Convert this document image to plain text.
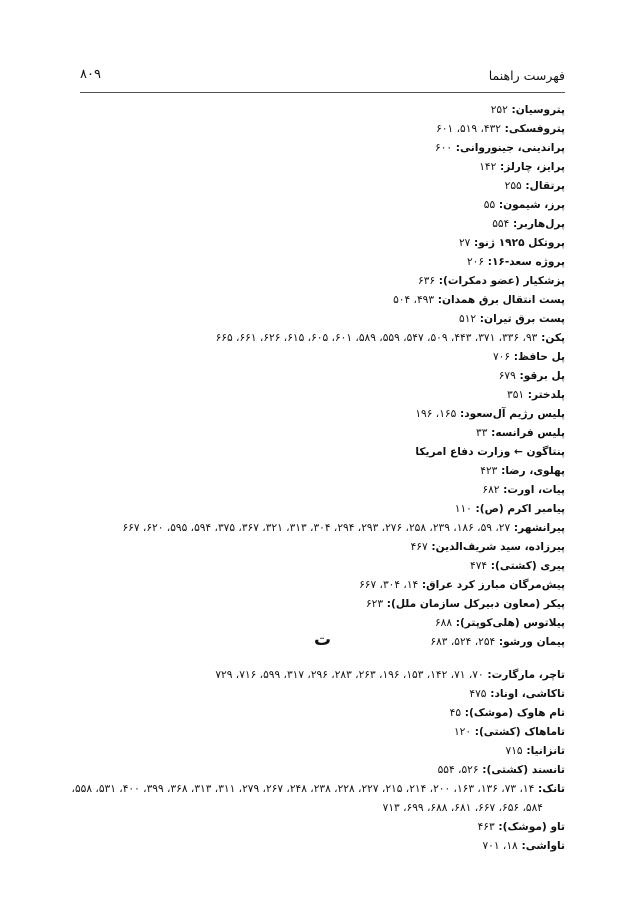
فهرست راهنما
۸۰۹
پتروسیان: ۲۵۲
پتروفسکی: ۴۳۲، ۵۱۹، ۶۰۱
پراندینی، جینوروانی: ۶۰۰
پرایز، چارلز: ۱۴۲
پرتقال: ۲۵۵
پرز، شیمون: ۵۵
پرل‌هاربر: ۵۵۴
پروتکل ۱۹۲۵ ژنو: ۲۷
پروژه سعد-۱۶: ۲۰۶
پزشکیار (عضو دمکرات): ۶۳۶
پست انتقال برق همدان: ۴۹۳، ۵۰۴
پست برق تیران: ۵۱۲
پکن: ۹۳، ۳۳۶، ۳۷۱، ۴۴۳، ۵۰۹، ۵۴۷، ۵۵۹، ۵۸۹، ۶۰۱، ۶۰۵، ۶۱۵، ۶۲۶، ۶۶۱، ۶۶۵
پل حافظ: ۷۰۶
پل برقو: ۶۷۹
پلدختر: ۳۵۱
پلیس رژیم آل‌سعود: ۱۶۵، ۱۹۶
پلیس فرانسه: ۳۳
پنتاگون ← وزارت دفاع امریکا
پهلوی، رضا: ۴۲۳
پیات، اورت: ۶۸۲
پیامبر اکرم (ص): ۱۱۰
پیرانشهر: ۲۷، ۵۹، ۱۸۶، ۲۳۹، ۲۵۸، ۲۷۶، ۲۹۳، ۲۹۴، ۳۰۴، ۳۱۳، ۳۲۱، ۳۶۷، ۳۷۵، ۵۹۴، ۵۹۵، ۶۲۰، ۶۶۷
پیرزاده، سید شریف‌الدین: ۴۶۷
پیری (کشتی): ۴۷۴
پیش‌مرگان مبارز کرد عراق: ۱۴، ۳۰۴، ۶۶۷
پیکر (معاون دبیرکل سازمان ملل): ۶۲۳
پیلاتوس (هلی‌کوپتر): ۶۸۸
پیمان ورشو: ۲۵۴، ۵۲۴، ۶۸۳
ت
تاچر، مارگارت: ۷۰، ۷۱، ۱۴۲، ۱۵۳، ۱۹۶، ۲۶۳، ۲۸۳، ۲۹۶، ۳۱۷، ۵۹۹، ۷۱۶، ۷۲۹
تاکاشی، اوناد: ۴۷۵
تام هاوک (موشک): ۴۵
تاماهاک (کشتی): ۱۲۰
تانزانیا: ۷۱۵
تانسند (کشتی): ۵۲۶، ۵۵۴
تانک: ۱۴، ۷۳، ۱۳۶، ۱۶۳، ۲۰۰، ۲۱۴، ۲۱۵، ۲۲۷، ۲۲۸، ۲۳۸، ۲۴۸، ۲۶۷، ۲۷۹، ۳۱۱، ۳۱۳، ۳۶۸، ۳۹۹، ۴۰۰، ۵۳۱، ۵۵۸،
۵۸۴، ۶۵۶، ۶۶۷، ۶۸۱، ۶۸۸، ۶۹۹، ۷۱۳
تاو (موشک): ۴۶۳
تاواشی: ۱۸، ۷۰۱
